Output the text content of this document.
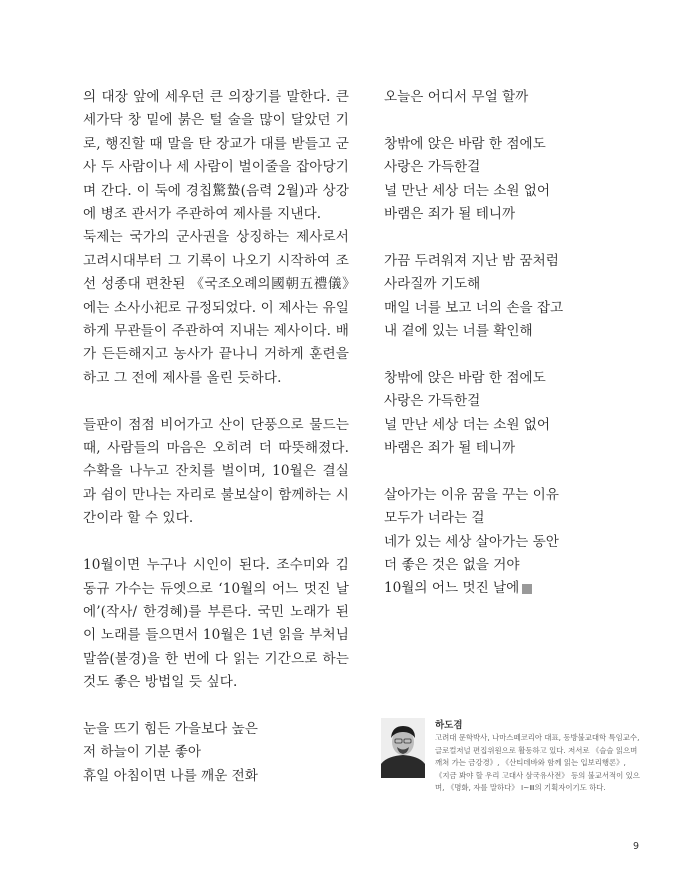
의 대장 앞에 세우던 큰 의장기를 말한다. 큰 세가닥 창 밑에 붉은 털 술을 많이 달았던 기로, 행진할 때 말을 탄 장교가 대를 받들고 군사 두 사람이나 세 사람이 벌이줄을 잡아당기며 간다. 이 둑에 경칩驚蟄(음력 2월)과 상강에 병조 관서가 주관하여 제사를 지낸다.

둑제는 국가의 군사권을 상징하는 제사로서 고려시대부터 그 기록이 나오기 시작하여 조선 성종대 편찬된 《국조오례의國朝五禮儀》에는 소사小祀로 규정되었다. 이 제사는 유일하게 무관들이 주관하여 지내는 제사이다. 배가 든든해지고 농사가 끝나니 거하게 훈련을 하고 그 전에 제사를 올린 듯하다.

들판이 점점 비어가고 산이 단풍으로 물드는 때, 사람들의 마음은 오히려 더 따뜻해졌다. 수확을 나누고 잔치를 벌이며, 10월은 결실과 쉼이 만나는 자리로 불보살이 함께하는 시간이라 할 수 있다.

10월이면 누구나 시인이 된다. 조수미와 김동규 가수는 듀엣으로 ‘10월의 어느 멋진 날에’(작사/ 한경혜)를 부른다. 국민 노래가 된 이 노래를 들으면서 10월은 1년 읽을 부처님 말씀(불경)을 한 번에 다 읽는 기간으로 하는 것도 좋은 방법일 듯 싶다.

눈을 뜨기 힘든 가을보다 높은

저 하늘이 기분 좋아

휴일 아침이면 나를 깨운 전화

오늘은 어디서 무얼 할까

창밖에 앉은 바람 한 점에도

사랑은 가득한걸

널 만난 세상 더는 소원 없어

바램은 죄가 될 테니까

가끔 두려워져 지난 밤 꿈처럼

사라질까 기도해

매일 너를 보고 너의 손을 잡고

내 곁에 있는 너를 확인해

창밖에 앉은 바람 한 점에도

사랑은 가득한걸

널 만난 세상 더는 소원 없어

바램은 죄가 될 테니까

살아가는 이유 꿈을 꾸는 이유

모두가 너라는 걸

네가 있는 세상 살아가는 동안

더 좋은 것은 없을 거야

10월의 어느 멋진 날에

하도겸

고려대 문학박사, 나마스떼코리아 대표, 동방불교대학 특임교수, 글로컬저널 편집위원으로 활동하고 있다. 저서로 《슬슬 읽으며 깨쳐 가는 금강경》, 《산티데바와 함께 읽는 입보리행론》, 《지금 봐야 할 우리 고대사 삼국유사전》 등의 불교서적이 있으며, 《명화, 자를 말하다》 Ⅰ~Ⅲ의 기획자이기도 하다.

9
